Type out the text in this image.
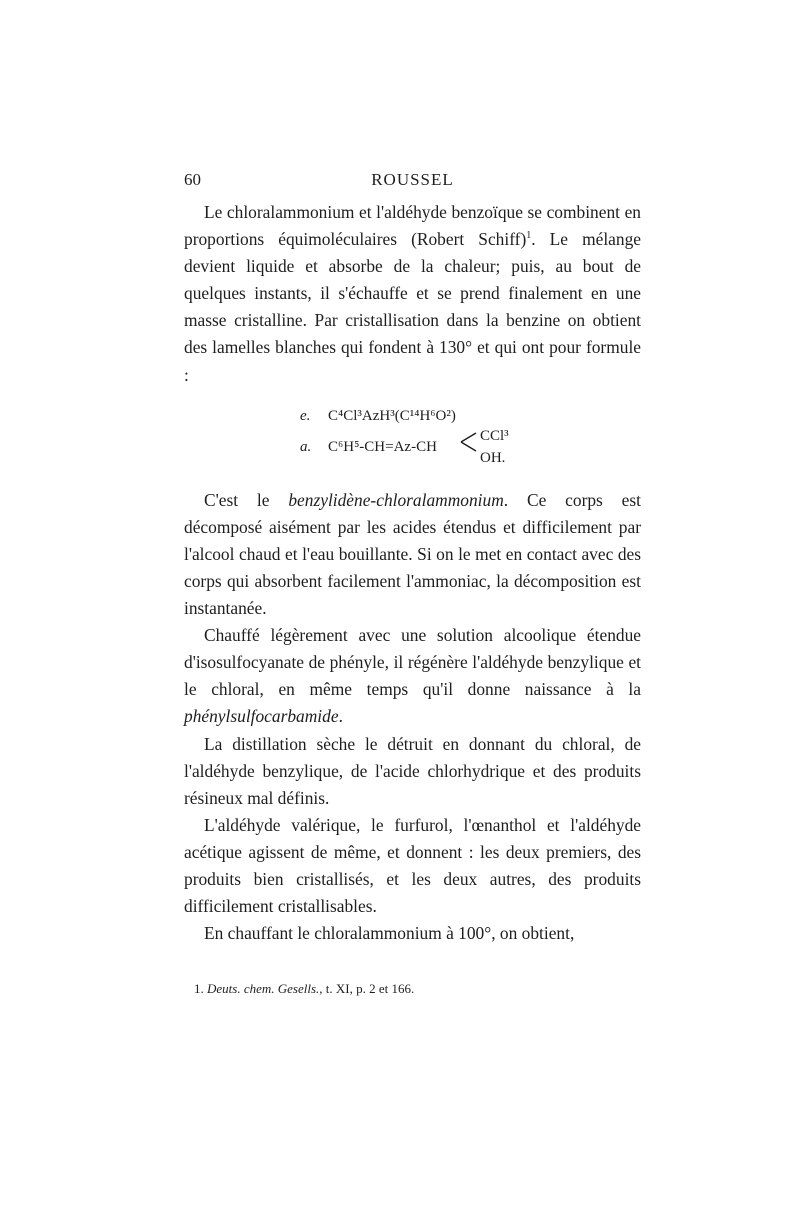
60	ROUSSEL

Le chloralammonium et l'aldéhyde benzoïque se combinent en proportions équimoléculaires (Robert Schiff)$^1$. Le mélange devient liquide et absorbe de la chaleur; puis, au bout de quelques instants, il s'échauffe et se prend finalement en une masse cristalline. Par cristallisation dans la benzine on obtient des lamelles blanches qui fondent à 130° et qui ont pour formule :

e. C⁴Cl³AzH³(C¹⁴H⁶O²)
a. C⁶H⁵-CH=Az-CH
CCl³
OH.

C'est le benzylidène-chloralammonium. Ce corps est décomposé aisément par les acides étendus et difficilement par l'alcool chaud et l'eau bouillante. Si on le met en contact avec des corps qui absorbent facilement l'ammoniac, la décomposition est instantanée.

Chauffé légèrement avec une solution alcoolique étendue d'isosulfocyanate de phényle, il régénère l'aldéhyde benzylique et le chloral, en même temps qu'il donne naissance à la phénylsulfocarbamide.

La distillation sèche le détruit en donnant du chloral, de l'aldéhyde benzylique, de l'acide chlorhydrique et des produits résineux mal définis.

L'aldéhyde valérique, le furfurol, l'œnanthol et l'aldéhyde acétique agissent de même, et donnent : les deux premiers, des produits bien cristallisés, et les deux autres, des produits difficilement cristallisables.

En chauffant le chloralammonium à 100°, on obtient,

1. Deuts. chem. Gesells., t. XI, p. 2 et 166.
